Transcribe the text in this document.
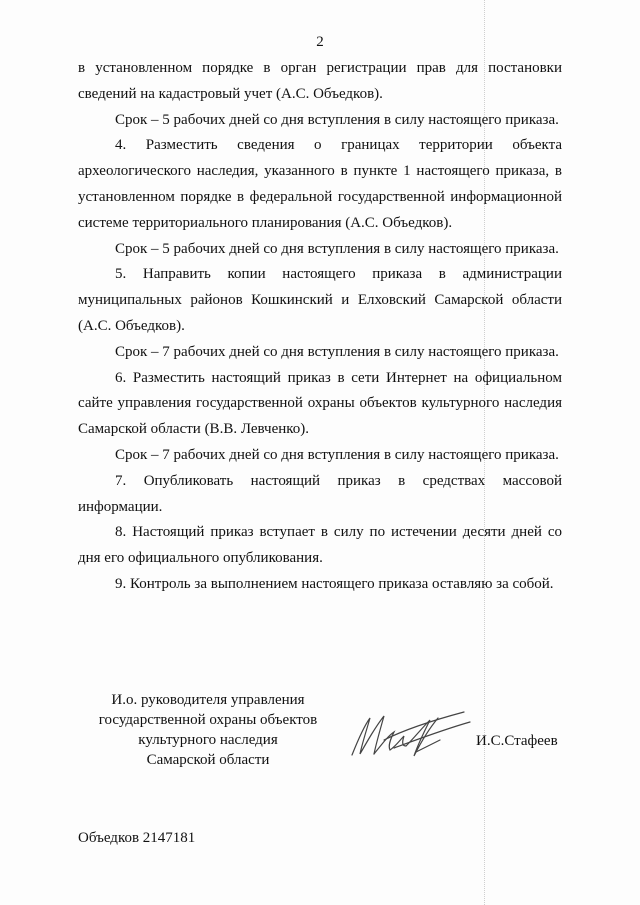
2

в установленном порядке в орган регистрации прав для постановки сведений на кадастровый учет (А.С. Объедков).

Срок – 5 рабочих дней со дня вступления в силу настоящего приказа.

4. Разместить сведения о границах территории объекта археологического наследия, указанного в пункте 1 настоящего приказа, в установленном порядке в федеральной государственной информационной системе территориального планирования (А.С. Объедков).

Срок – 5 рабочих дней со дня вступления в силу настоящего приказа.

5. Направить копии настоящего приказа в администрации муниципальных районов Кошкинский и Елховский Самарской области (А.С. Объедков).

Срок – 7 рабочих дней со дня вступления в силу настоящего приказа.

6. Разместить настоящий приказ в сети Интернет на официальном сайте управления государственной охраны объектов культурного наследия Самарской области (В.В. Левченко).

Срок – 7 рабочих дней со дня вступления в силу настоящего приказа.

7. Опубликовать настоящий приказ в средствах массовой информации.

8. Настоящий приказ вступает в силу по истечении десяти дней со дня его официального опубликования.

9. Контроль за выполнением настоящего приказа оставляю за собой.

И.о. руководителя управления
государственной охраны объектов
культурного наследия
Самарской области
И.С.Стафеев
Объедков 2147181
